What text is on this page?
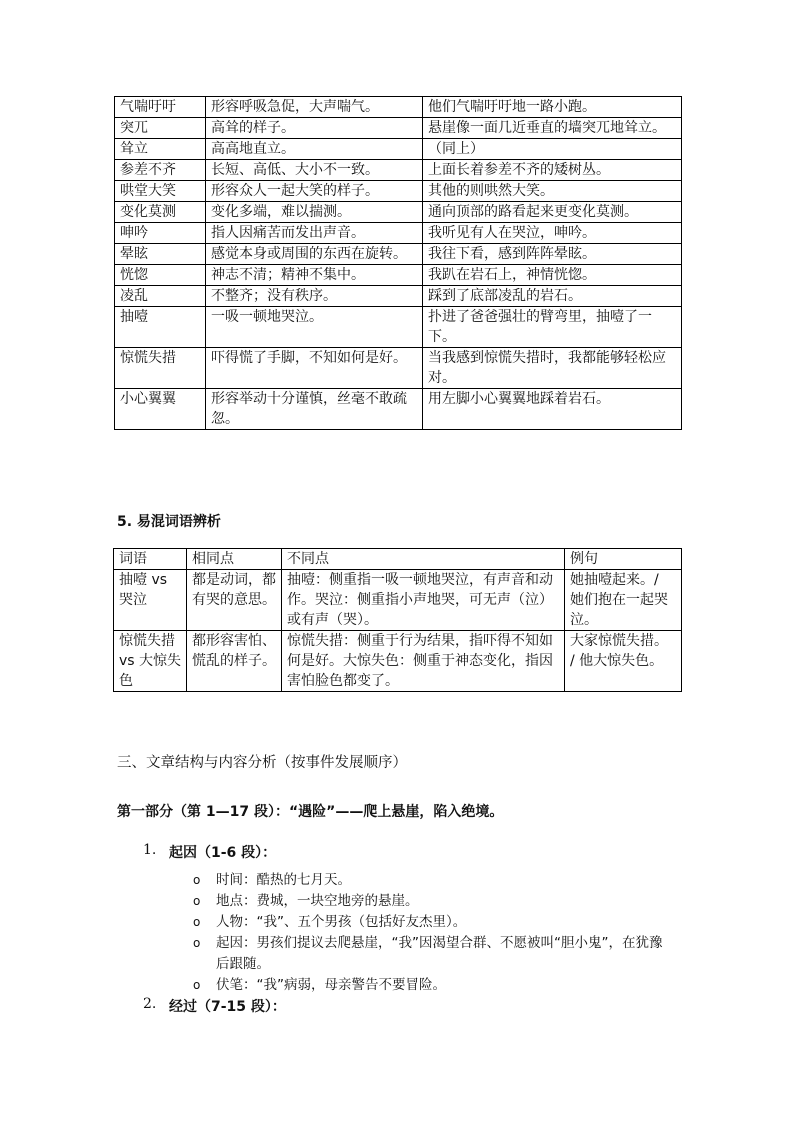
气喘吁吁	形容呼吸急促，大声喘气。	他们气喘吁吁地一路小跑。
突兀	高耸的样子。	悬崖像一面几近垂直的墙突兀地耸立。
耸立	高高地直立。	（同上）
参差不齐	长短、高低、大小不一致。	上面长着参差不齐的矮树丛。
哄堂大笑	形容众人一起大笑的样子。	其他的则哄然大笑。
变化莫测	变化多端，难以揣测。	通向顶部的路看起来更变化莫测。
呻吟	指人因痛苦而发出声音。	我听见有人在哭泣，呻吟。
晕眩	感觉本身或周围的东西在旋转。	我往下看，感到阵阵晕眩。
恍惚	神志不清；精神不集中。	我趴在岩石上，神情恍惚。
凌乱	不整齐；没有秩序。	踩到了底部凌乱的岩石。
抽噎	一吸一顿地哭泣。	扑进了爸爸强壮的臂弯里，抽噎了一下。
惊慌失措	吓得慌了手脚，不知如何是好。	当我感到惊慌失措时，我都能够轻松应对。
小心翼翼	形容举动十分谨慎，丝毫不敢疏忽。	用左脚小心翼翼地踩着岩石。
5. 易混词语辨析
词语	相同点	不同点	例句
抽噎 vs 哭泣	都是动词，都有哭的意思。	抽噎：侧重指一吸一顿地哭泣，有声音和动作。哭泣：侧重指小声地哭，可无声（泣）或有声（哭）。	她抽噎起来。/ 她们抱在一起哭泣。
惊慌失措 vs 大惊失色	都形容害怕、慌乱的样子。	惊慌失措：侧重于行为结果，指吓得不知如何是好。大惊失色：侧重于神态变化，指因害怕脸色都变了。	大家惊慌失措。 / 他大惊失色。
三、文章结构与内容分析（按事件发展顺序）
第一部分（第 1—17 段）：“遇险”——爬上悬崖，陷入绝境。
1. 起因（1-6 段）：
o 时间：酷热的七月天。
o 地点：费城，一块空地旁的悬崖。
o 人物：“我”、五个男孩（包括好友杰里）。
o 起因：男孩们提议去爬悬崖，“我”因渴望合群、不愿被叫“胆小鬼”，在犹豫后跟随。
o 伏笔：“我”病弱，母亲警告不要冒险。
2. 经过（7-15 段）：
